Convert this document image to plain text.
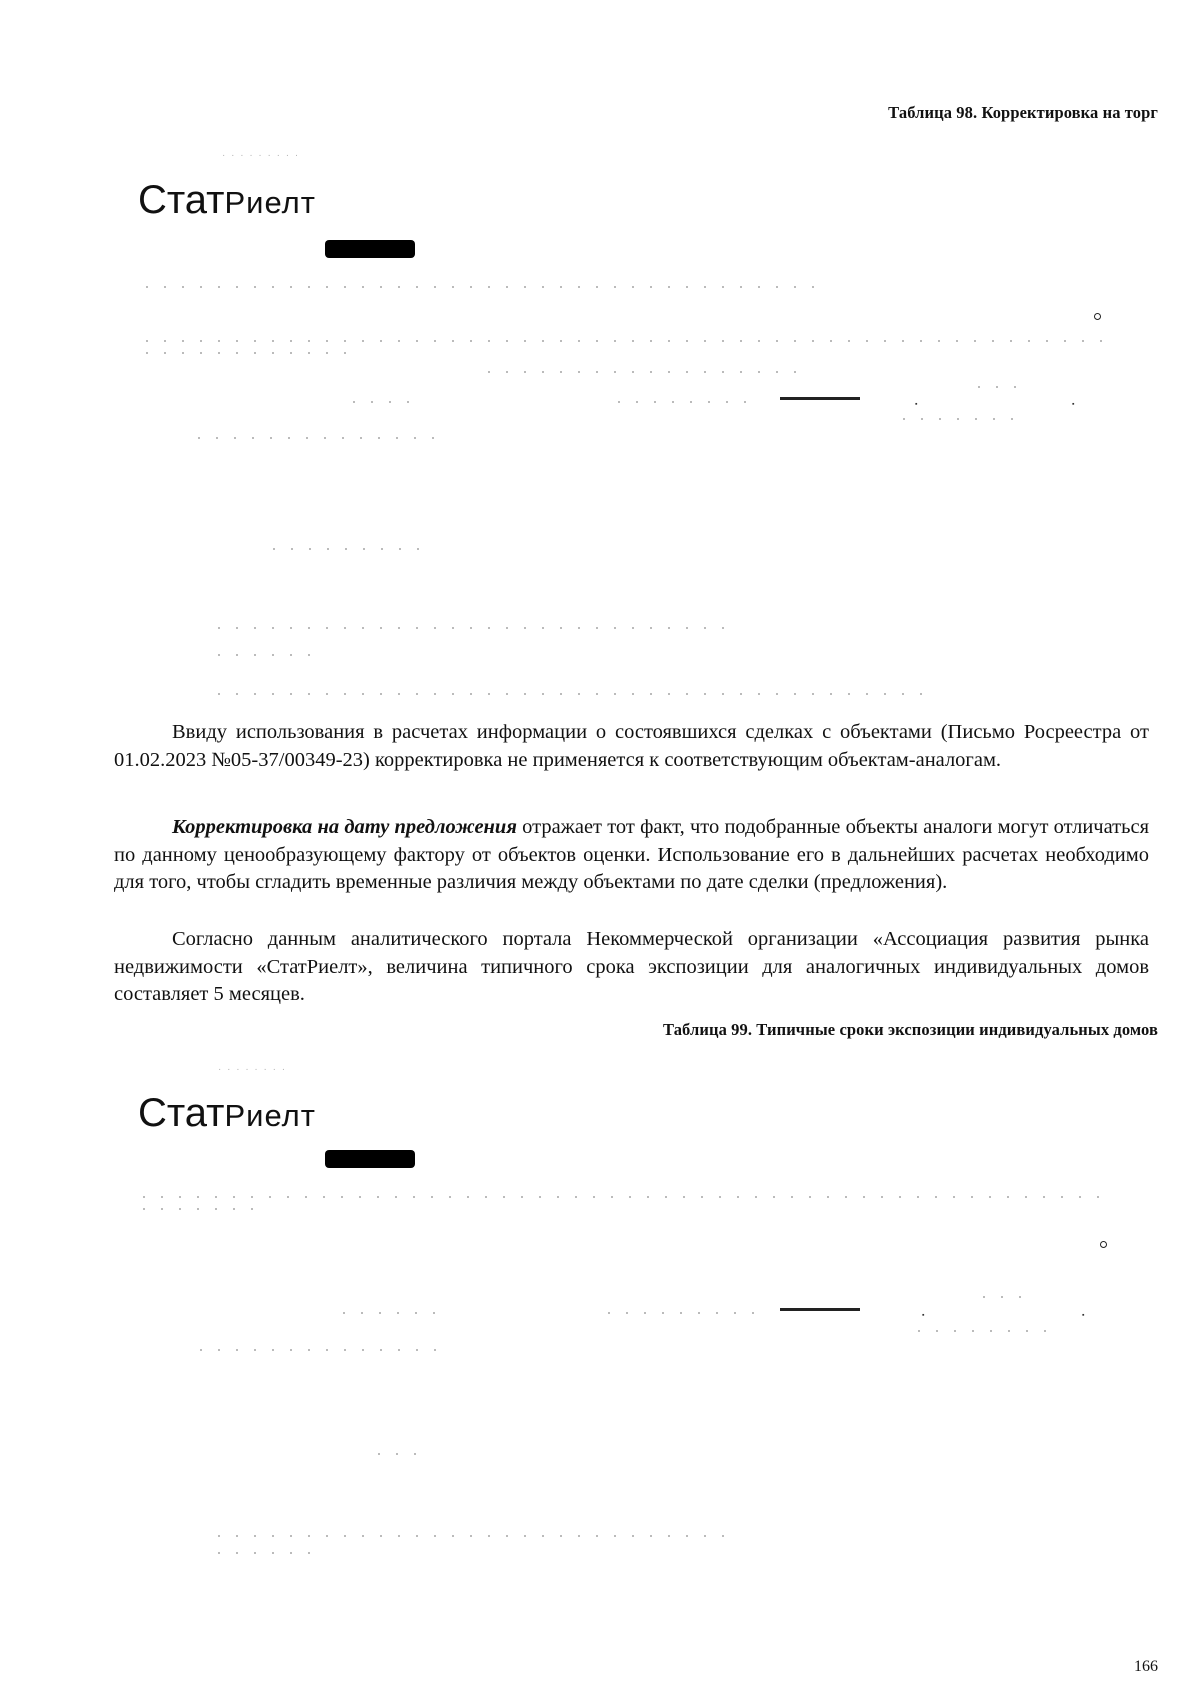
Таблица 98. Корректировка на торг
· · · · · · · · ·
СтатРиелт
▪	▪
Ввиду использования в расчетах информации о состоявшихся сделках с объектами (Письмо Росреестра от 01.02.2023 №05-37/00349-23) корректировка не применяется к соответствующим объектам-аналогам.
Корректировка на дату предложения отражает тот факт, что подобранные объекты аналоги могут отличаться по данному ценообразующему фактору от объектов оценки. Использование его в дальнейших расчетах необходимо для того, чтобы сгладить временные различия между объектами по дате сделки (предложения).
Согласно данным аналитического портала Некоммерческой организации «Ассоциация развития рынка недвижимости «СтатРиелт», величина типичного срока экспозиции для аналогичных индивидуальных домов составляет 5 месяцев.
Таблица 99. Типичные сроки экспозиции индивидуальных домов
· · · · · · · ·
СтатРиелт
▪	▪
166
